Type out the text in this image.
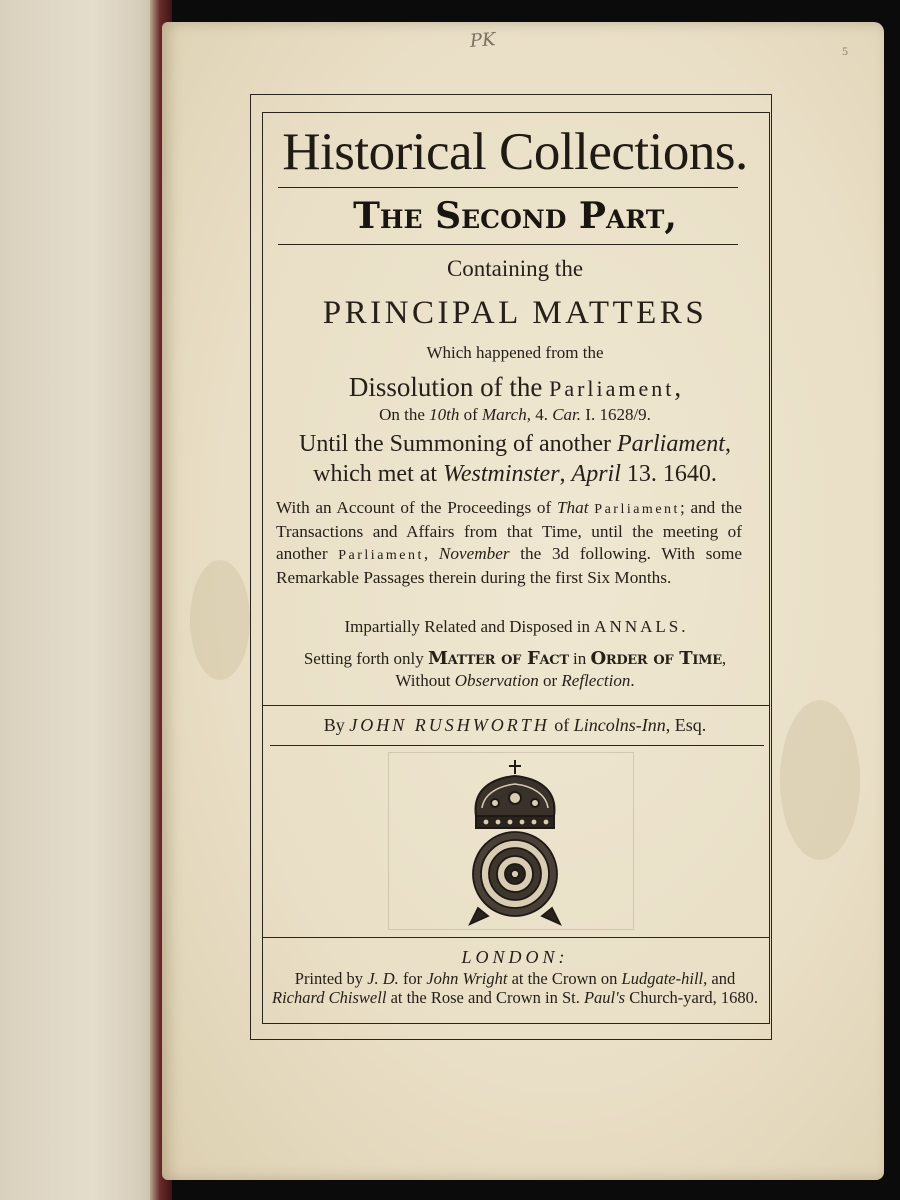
PK	5
Historical Collections.
The Second Part,
Containing the
PRINCIPAL MATTERS
Which happened from the
Dissolution of the Parliament,
On the 10th of March, 4. Car. I. 1628/9.
Until the Summoning of another Parliament,
which met at Westminster, April 13. 1640.
With an Account of the Proceedings of That Parliament; and the Transactions and Affairs from that Time, until the meeting of another Parliament, November the 3d following. With some Remarkable Passages therein during the first Six Months.
Impartially Related and Disposed in ANNALS.
Setting forth only Matter of Fact in Order of Time,
Without Observation or Reflection.
By JOHN RUSHWORTH of Lincolns-Inn, Esq.
LONDON:
Printed by J. D. for John Wright at the Crown on Ludgate-hill, and
Richard Chiswell at the Rose and Crown in St. Paul's Church-yard, 1680.
